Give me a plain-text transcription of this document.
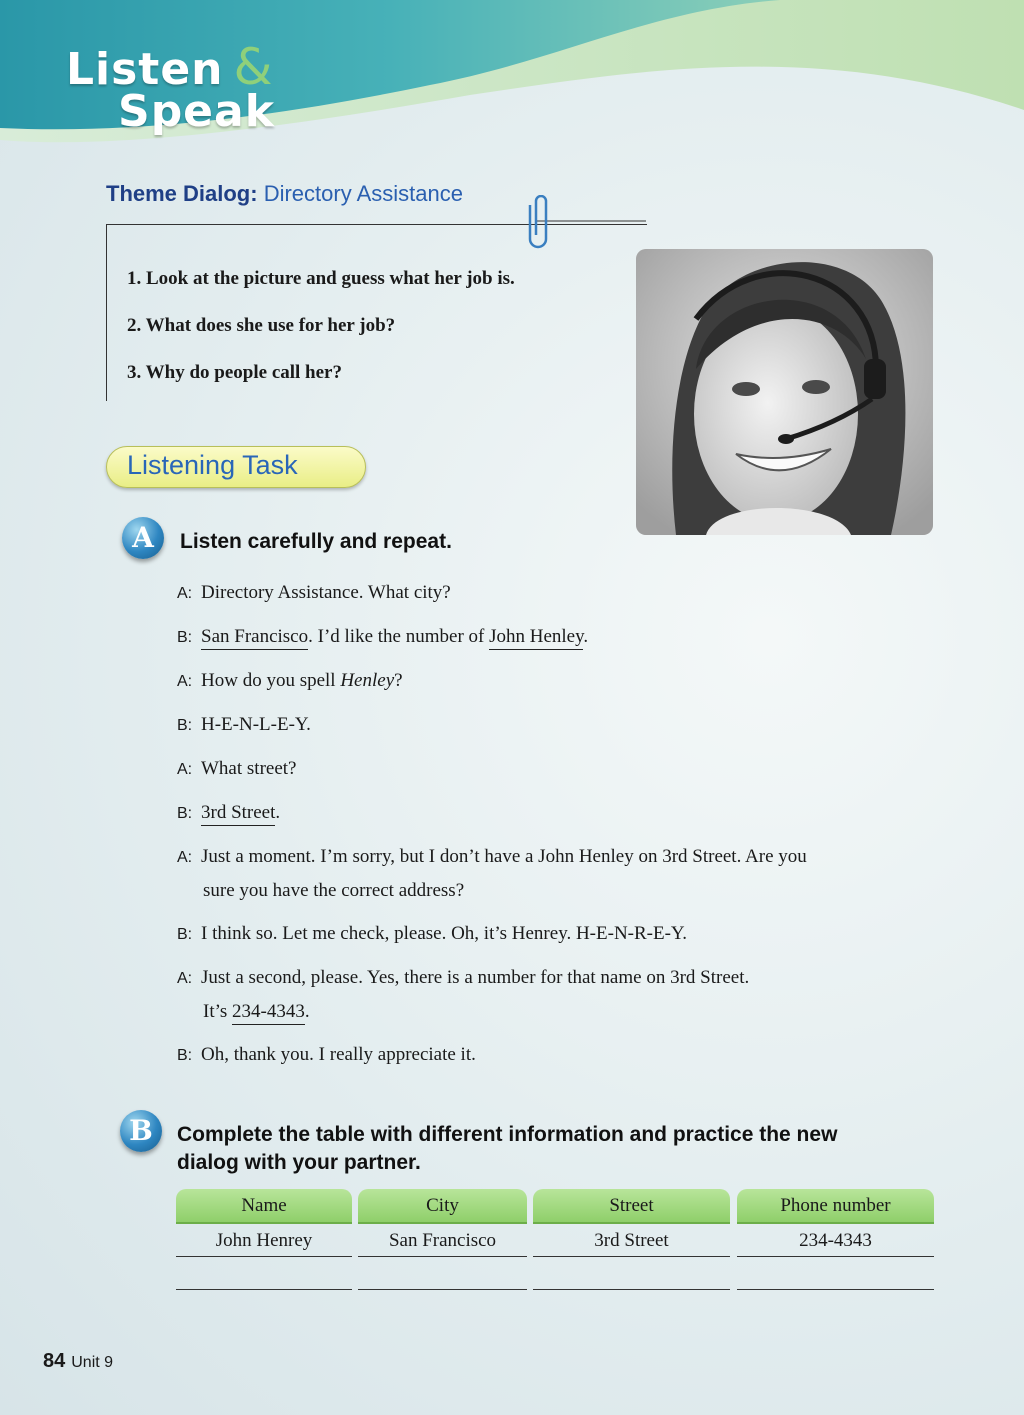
Listen &
Speak
Theme Dialog: Directory Assistance
1. Look at the picture and guess what her job is.
2. What does she use for her job?
3. Why do people call her?
Listening Task
A	Listen carefully and repeat.
A: Directory Assistance. What city?
B: San Francisco. I’d like the number of John Henley.
A: How do you spell Henley?
B: H-E-N-L-E-Y.
A: What street?
B: 3rd Street.
A: Just a moment. I’m sorry, but I don’t have a John Henley on 3rd Street. Are you
sure you have the correct address?
B: I think so. Let me check, please. Oh, it’s Henrey. H-E-N-R-E-Y.
A: Just a second, please. Yes, there is a number for that name on 3rd Street.
It’s 234-4343.
B: Oh, thank you. I really appreciate it.
B	Complete the table with different information and practice the new
dialog with your partner.
Name	City	Street	Phone number
John Henrey	San Francisco	3rd Street	234-4343
84 Unit 9
